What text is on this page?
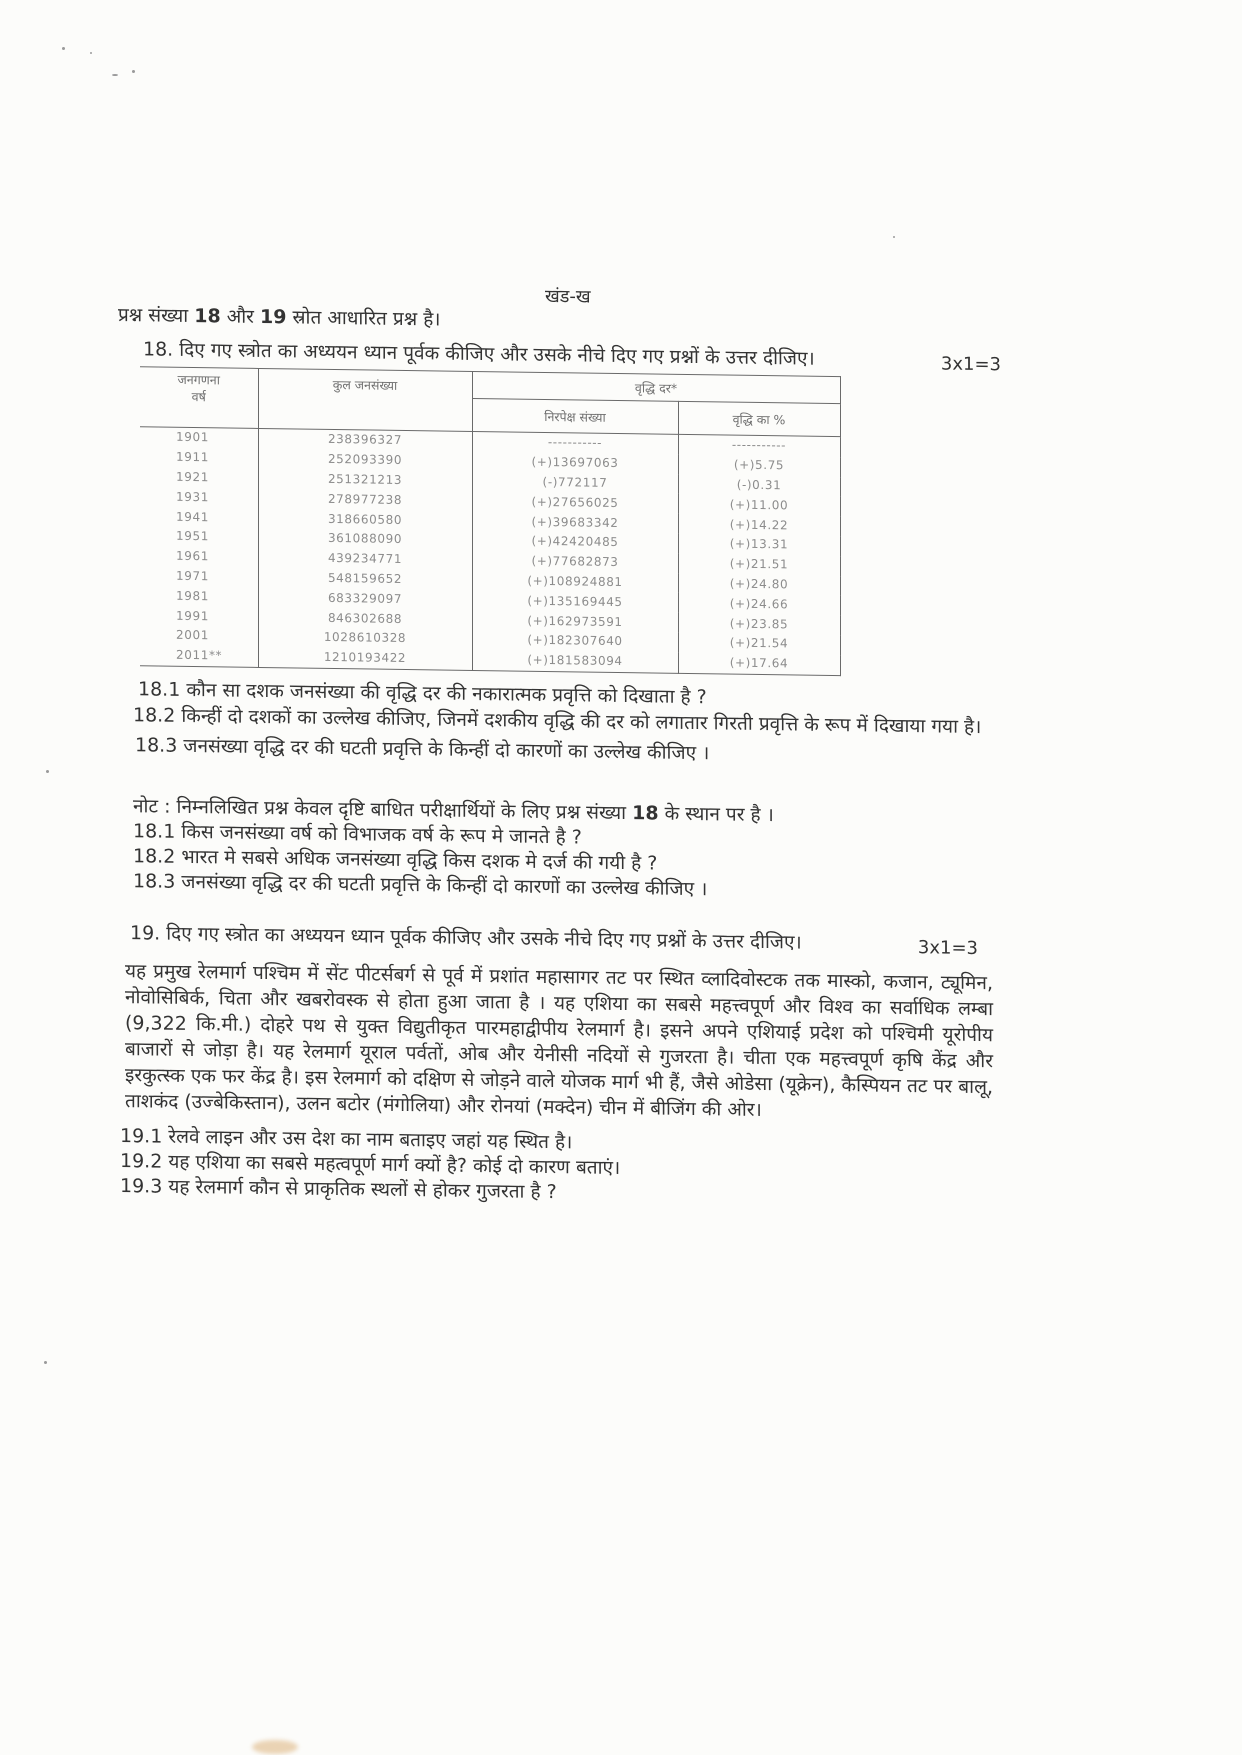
खंड-ख
प्रश्न संख्या 18 और 19 स्रोत आधारित प्रश्न है।
18. दिए गए स्त्रोत का अध्ययन ध्यान पूर्वक कीजिए और उसके नीचे दिए गए प्रश्नों के उत्तर दीजिए।	3x1=3
जनगणना वर्ष	कुल जनसंख्या	वृद्धि दर*	
		निरपेक्ष संख्या	वृद्धि का %
1901	238396327	-----------	-----------
1911	252093390	(+)13697063	(+)5.75
1921	251321213	(-)772117	(-)0.31
1931	278977238	(+)27656025	(+)11.00
1941	318660580	(+)39683342	(+)14.22
1951	361088090	(+)42420485	(+)13.31
1961	439234771	(+)77682873	(+)21.51
1971	548159652	(+)108924881	(+)24.80
1981	683329097	(+)135169445	(+)24.66
1991	846302688	(+)162973591	(+)23.85
2001	1028610328	(+)182307640	(+)21.54
2011**	1210193422	(+)181583094	(+)17.64
18.1 कौन सा दशक जनसंख्या की वृद्धि दर की नकारात्मक प्रवृत्ति को दिखाता है ?
18.2 किन्हीं दो दशकों का उल्लेख कीजिए, जिनमें दशकीय वृद्धि की दर को लगातार गिरती प्रवृत्ति के रूप में दिखाया गया है।
18.3 जनसंख्या वृद्धि दर की घटती प्रवृत्ति के किन्हीं दो कारणों का उल्लेख कीजिए ।
नोट : निम्नलिखित प्रश्न केवल दृष्टि बाधित परीक्षार्थियों के लिए प्रश्न संख्या 18 के स्थान पर है ।
18.1 किस जनसंख्या वर्ष को विभाजक वर्ष के रूप मे जानते है ?
18.2 भारत मे सबसे अधिक जनसंख्या वृद्धि किस दशक मे दर्ज की गयी है ?
18.3 जनसंख्या वृद्धि दर की घटती प्रवृत्ति के किन्हीं दो कारणों का उल्लेख कीजिए ।
19. दिए गए स्त्रोत का अध्ययन ध्यान पूर्वक कीजिए और उसके नीचे दिए गए प्रश्नों के उत्तर दीजिए।	3x1=3

यह प्रमुख रेलमार्ग पश्चिम में सेंट पीटर्सबर्ग से पूर्व में प्रशांत महासागर तट पर स्थित व्लादिवोस्टक तक मास्को, कजान, ट्यूमिन, नोवोसिबिर्क, चिता और खबरोवस्क से होता हुआ जाता है । यह एशिया का सबसे महत्त्वपूर्ण और विश्व का सर्वाधिक लम्बा (9,322 कि.मी.) दोहरे पथ से युक्त विद्युतीकृत पारमहाद्वीपीय रेलमार्ग है। इसने अपने एशियाई प्रदेश को पश्चिमी यूरोपीय बाजारों से जोड़ा है। यह रेलमार्ग यूराल पर्वतों, ओब और येनीसी नदियों से गुजरता है। चीता एक महत्त्वपूर्ण कृषि केंद्र और इरकुत्स्क एक फर केंद्र है। इस रेलमार्ग को दक्षिण से जोड़ने वाले योजक मार्ग भी हैं, जैसे ओडेसा (यूक्रेन), कैस्पियन तट पर बालू, ताशकंद (उज्बेकिस्तान), उलन बटोर (मंगोलिया) और रोनयां (मक्देन) चीन में बीजिंग की ओर।

19.1 रेलवे लाइन और उस देश का नाम बताइए जहां यह स्थित है।
19.2 यह एशिया का सबसे महत्वपूर्ण मार्ग क्यों है? कोई दो कारण बताएं।
19.3 यह रेलमार्ग कौन से प्राकृतिक स्थलों से होकर गुजरता है ?
